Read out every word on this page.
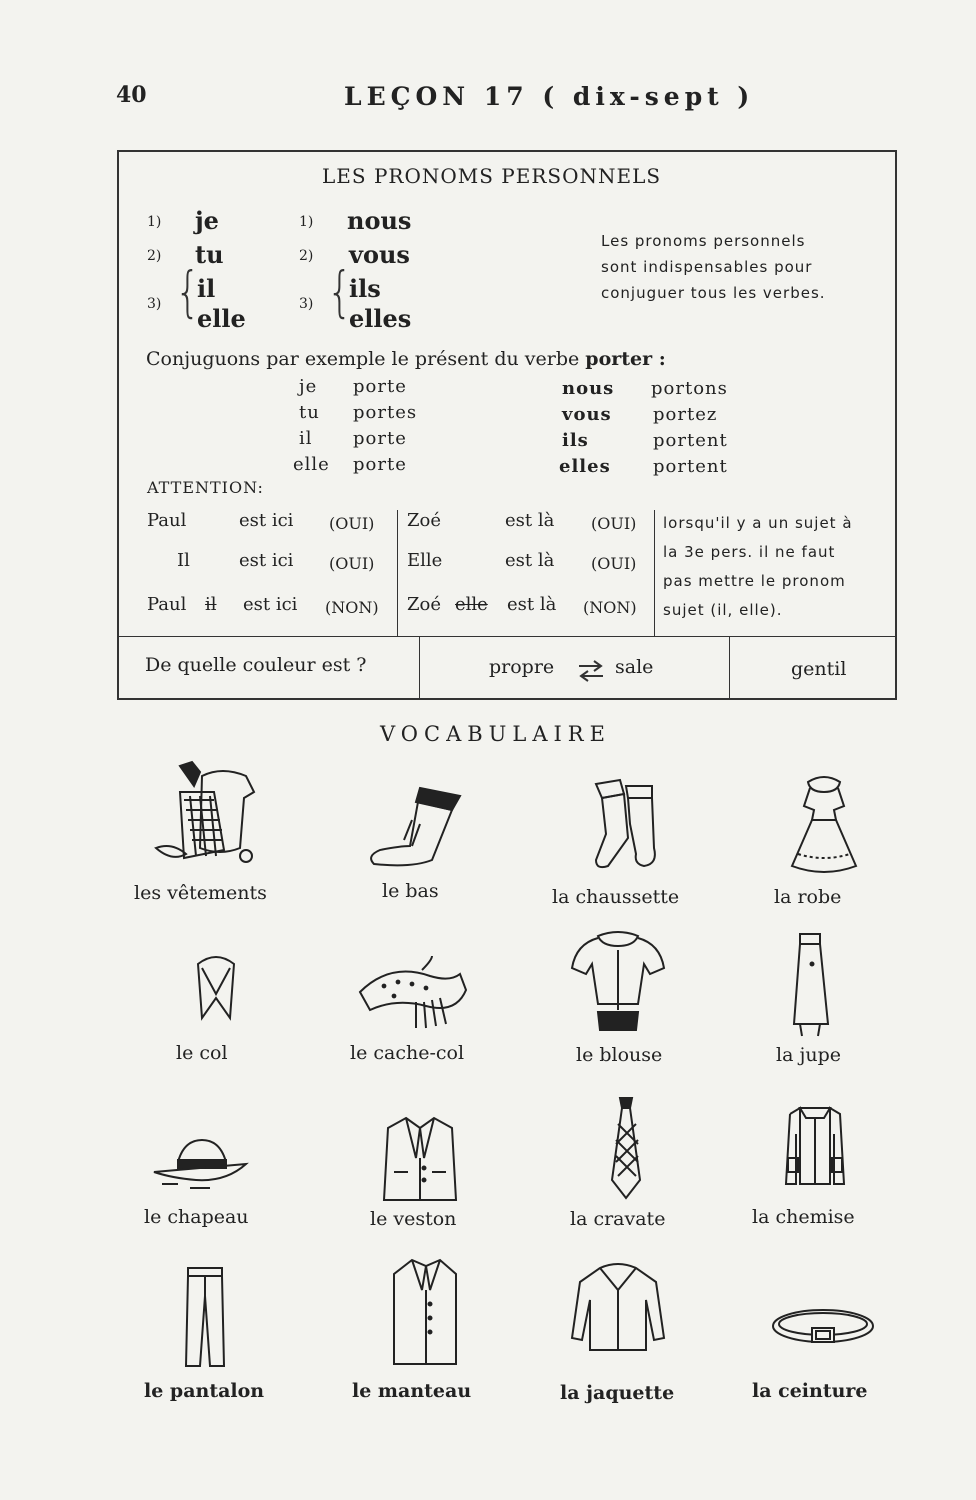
40	LEÇON 17 ( dix-sept )
LES PRONOMS PERSONNELS
1) je
2) tu
3) {
il
elle
1) nous
2) vous
3) {
ils
elles
Les pronoms personnels
sont indispensables pour
conjuguer tous les verbes.
Conjuguons par exemple le présent du verbe porter :
je porte
tu portes
il porte
elle porte
nous portons
vous portez
ils	portent
elles portent
ATTENTION:
Paul	est ici (OUI)
Il	est ici (OUI)
Paul il est ici (NON)
Zoé	est là (OUI)
Elle	est là (OUI)
Zoé elle est là (NON)
lorsqu'il y a un sujet à
la 3e pers. il ne faut
pas mettre le pronom
sujet (il, elle).
De quelle couleur est ?	propre	sale	gentil
VOCABULAIRE
les vêtements	le bas	la chaussette	la robe
le col	le cache-col	le blouse	la jupe
le chapeau	le veston	la cravate	la chemise
le pantalon	le manteau	la jaquette	la ceinture
